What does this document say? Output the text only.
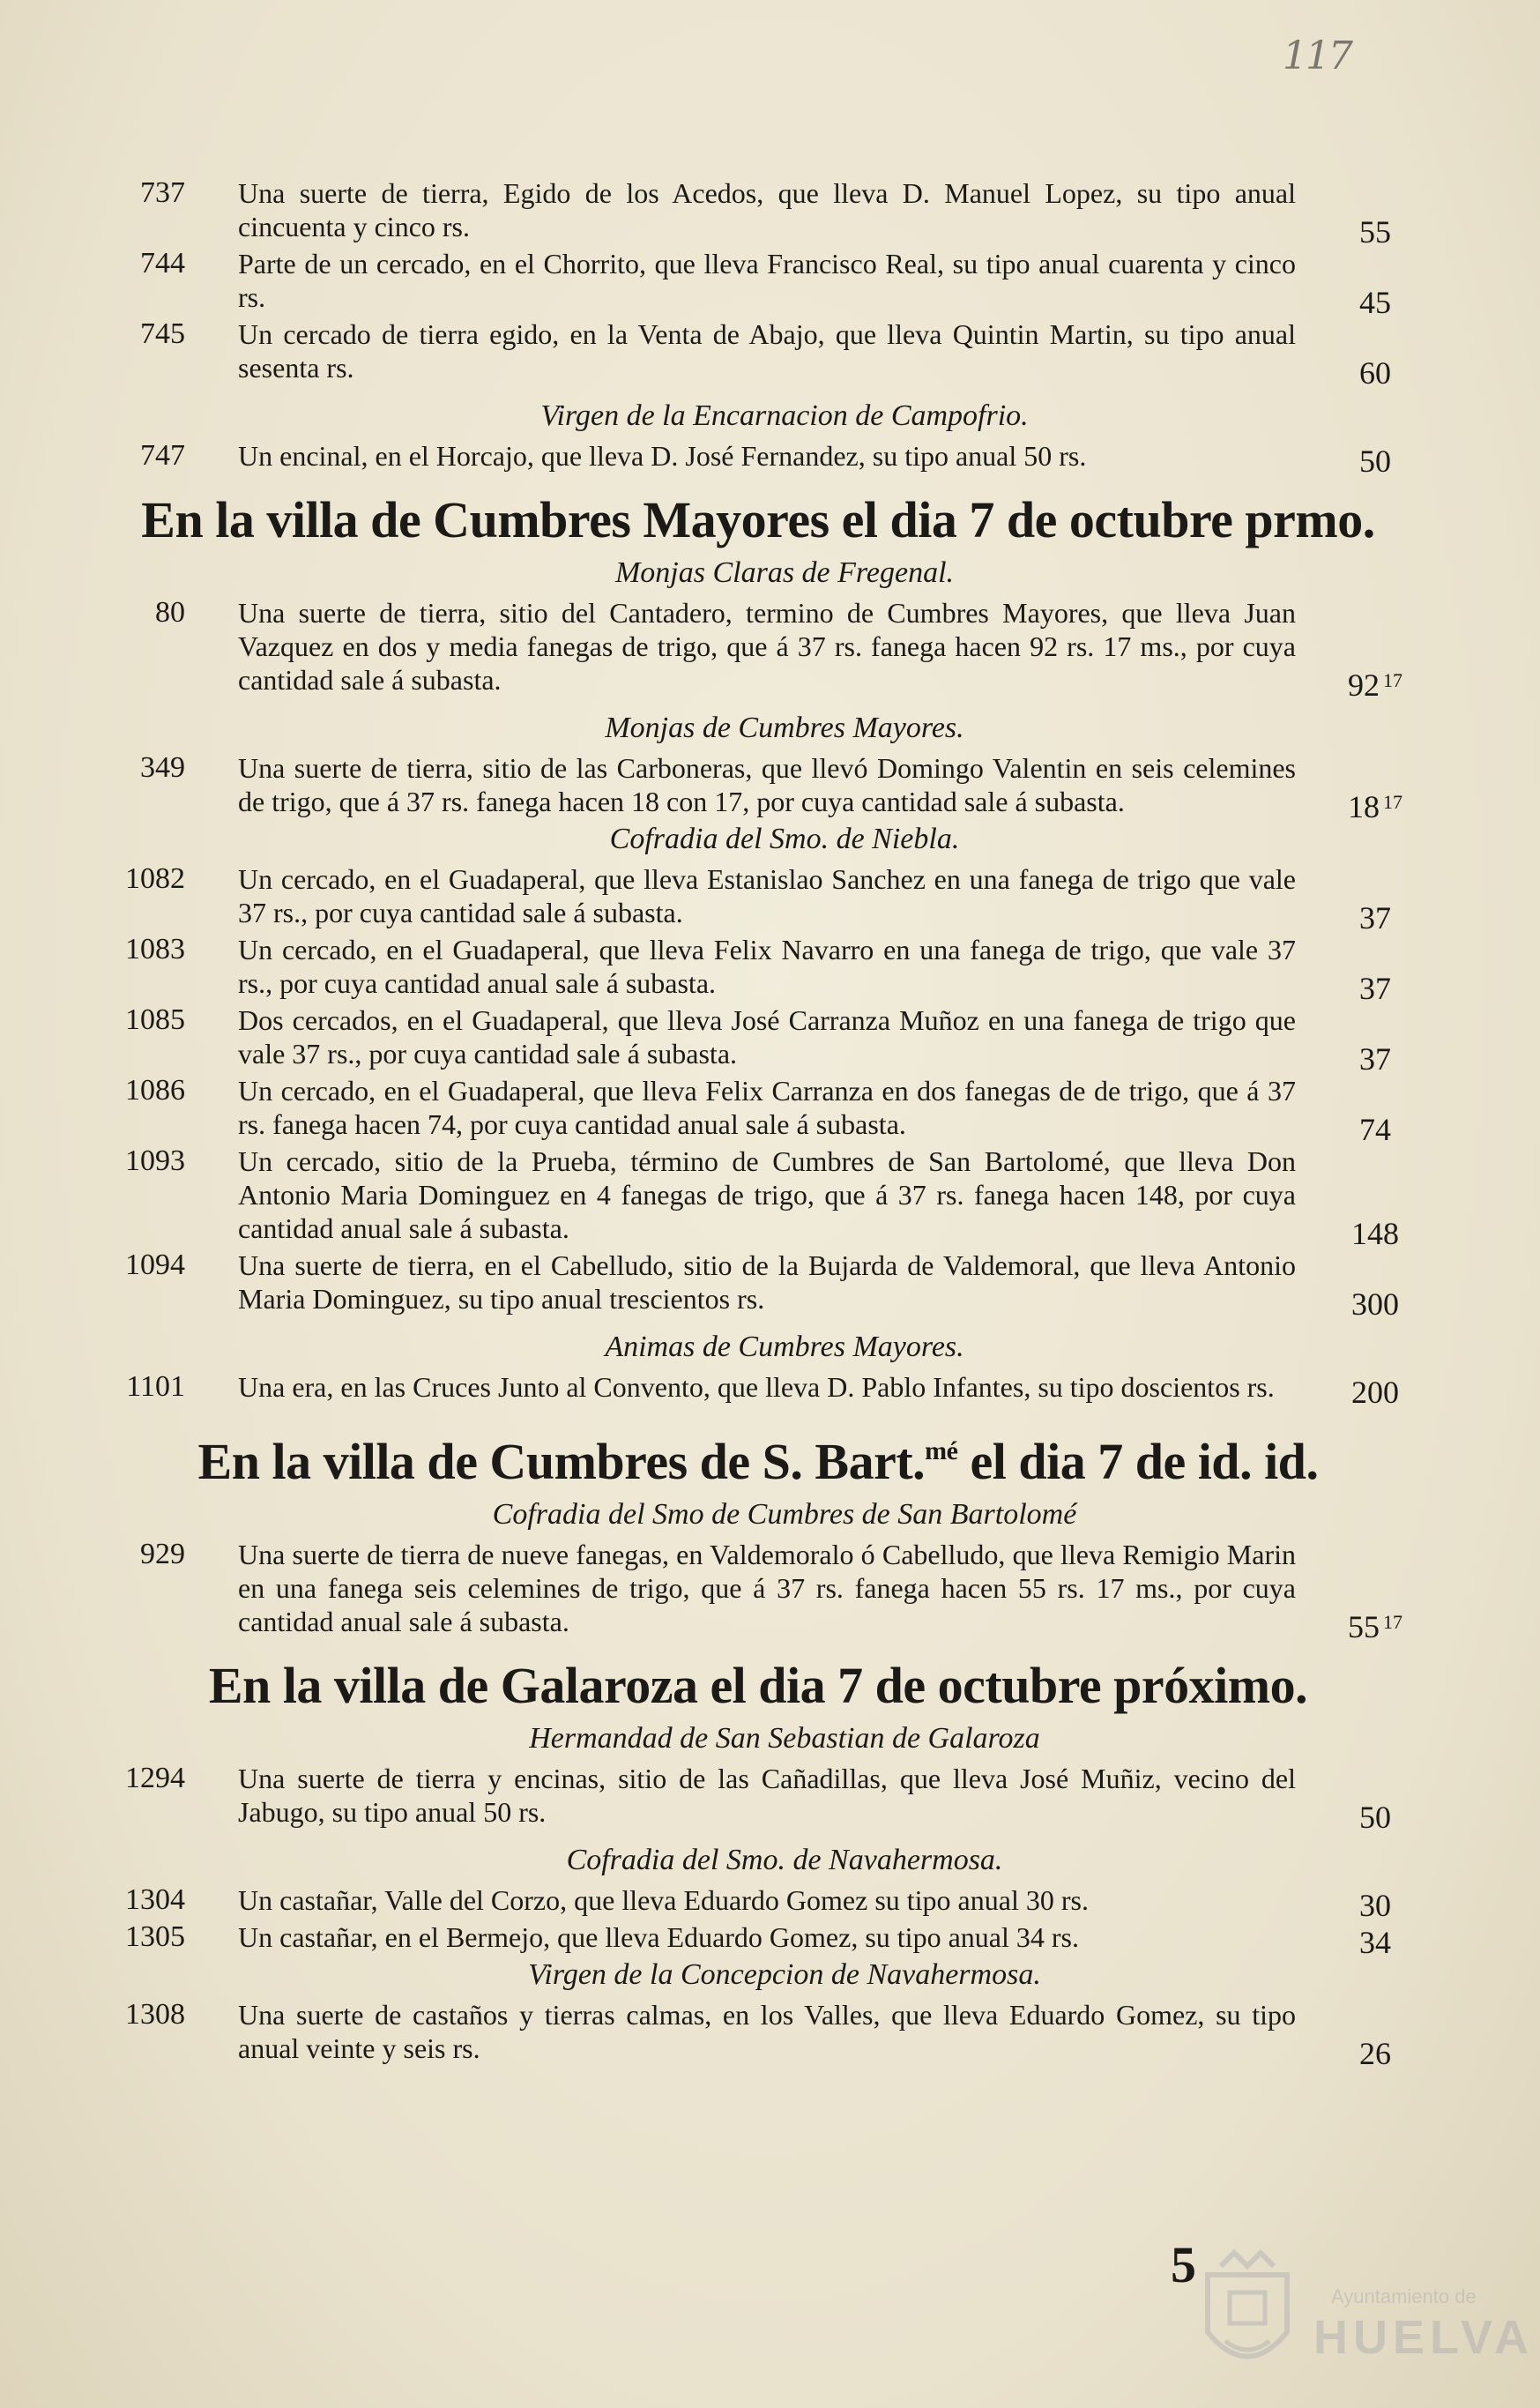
117
737 Una suerte de tierra, Egido de los Acedos, que lleva D. Manuel Lopez, su tipo anual cincuenta y cinco rs.	55
744 Parte de un cercado, en el Chorrito, que lleva Francisco Real, su tipo anual cuarenta y cinco rs.	45
745 Un cercado de tierra egido, en la Venta de Abajo, que lleva Quintin Martin, su tipo anual sesenta rs.	60
Virgen de la Encarnacion de Campofrio.
747 Un encinal, en el Horcajo, que lleva D. José Fernandez, su tipo anual 50 rs.	50
En la villa de Cumbres Mayores el dia 7 de octubre prmo.
Monjas Claras de Fregenal.
80 Una suerte de tierra, sitio del Cantadero, termino de Cumbres Mayores, que lleva Juan Vazquez en dos y media fanegas de trigo, que á 37 rs. fanega hacen 92 rs. 17 ms., por cuya cantidad sale á subasta.	92 $^{17}$
Monjas de Cumbres Mayores.
349 Una suerte de tierra, sitio de las Carboneras, que llevó Domingo Valentin en seis celemines de trigo, que á 37 rs. fanega hacen 18 con 17, por cuya cantidad sale á subasta.	18 $^{17}$
Cofradia del Smo. de Niebla.
1082 Un cercado, en el Guadaperal, que lleva Estanislao Sanchez en una fanega de trigo que vale 37 rs., por cuya cantidad sale á subasta.	37
1083 Un cercado, en el Guadaperal, que lleva Felix Navarro en una fanega de trigo, que vale 37 rs., por cuya cantidad anual sale á subasta.	37
1085 Dos cercados, en el Guadaperal, que lleva José Carranza Muñoz en una fanega de trigo que vale 37 rs., por cuya cantidad sale á subasta.	37
1086 Un cercado, en el Guadaperal, que lleva Felix Carranza en dos fanegas de de trigo, que á 37 rs. fanega hacen 74, por cuya cantidad anual sale á subasta.	74
1093 Un cercado, sitio de la Prueba, término de Cumbres de San Bartolomé, que lleva Don Antonio Maria Dominguez en 4 fanegas de trigo, que á 37 rs. fanega hacen 148, por cuya cantidad anual sale á subasta.	148
1094 Una suerte de tierra, en el Cabelludo, sitio de la Bujarda de Valdemoral, que lleva Antonio Maria Dominguez, su tipo anual trescientos rs.	300
Animas de Cumbres Mayores.
1101 Una era, en las Cruces Junto al Convento, que lleva D. Pablo Infantes, su tipo doscientos rs.	200
En la villa de Cumbres de S. Bart.$^{mé}$ el dia 7 de id. id.
Cofradia del Smo de Cumbres de San Bartolomé
929 Una suerte de tierra de nueve fanegas, en Valdemoralo ó Cabelludo, que lleva Remigio Marin en una fanega seis celemines de trigo, que á 37 rs. fanega hacen 55 rs. 17 ms., por cuya cantidad anual sale á subasta.	55 $^{17}$
En la villa de Galaroza el dia 7 de octubre próximo.
Hermandad de San Sebastian de Galaroza
1294 Una suerte de tierra y encinas, sitio de las Cañadillas, que lleva José Muñiz, vecino del Jabugo, su tipo anual 50 rs.	50
Cofradia del Smo. de Navahermosa.
1304 Un castañar, Valle del Corzo, que lleva Eduardo Gomez su tipo anual 30 rs.	30
1305 Un castañar, en el Bermejo, que lleva Eduardo Gomez, su tipo anual 34 rs.	34
Virgen de la Concepcion de Navahermosa.
1308 Una suerte de castaños y tierras calmas, en los Valles, que lleva Eduardo Gomez, su tipo anual veinte y seis rs.	26
5
Ayuntamiento de
HUELVA
